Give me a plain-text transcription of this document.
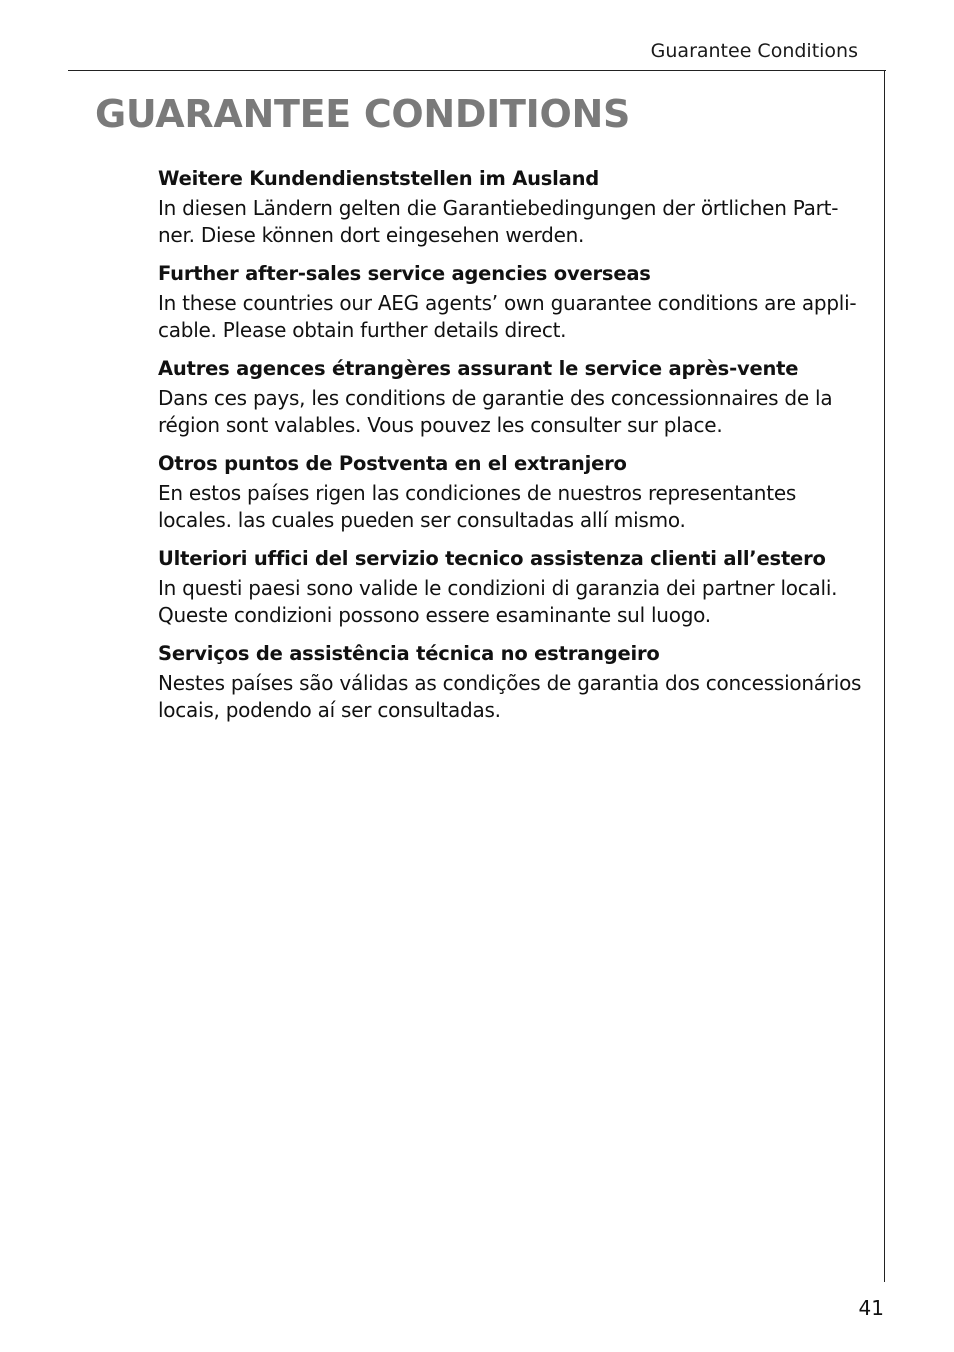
Guarantee Conditions
GUARANTEE CONDITIONS
Weitere Kundendienststellen im Ausland

In diesen Ländern gelten die Garantiebedingungen der örtlichen Part-ner. Diese können dort eingesehen werden.

Further after-sales service agencies overseas

In these countries our AEG agents’ own guarantee conditions are appli-cable. Please obtain further details direct.

Autres agences étrangères assurant le service après-vente

Dans ces pays, les conditions de garantie des concessionnaires de la région sont valables. Vous pouvez les consulter sur place.

Otros puntos de Postventa en el extranjero

En estos países rigen las condiciones de nuestros representantes locales. las cuales pueden ser consultadas allí mismo.

Ulteriori uffici del servizio tecnico assistenza clienti all’estero

In questi paesi sono valide le condizioni di garanzia dei partner locali. Queste condizioni possono essere esaminante sul luogo.

Serviços de assistência técnica no estrangeiro

Nestes países são válidas as condições de garantia dos concessionários locais, podendo aí ser consultadas.

41
